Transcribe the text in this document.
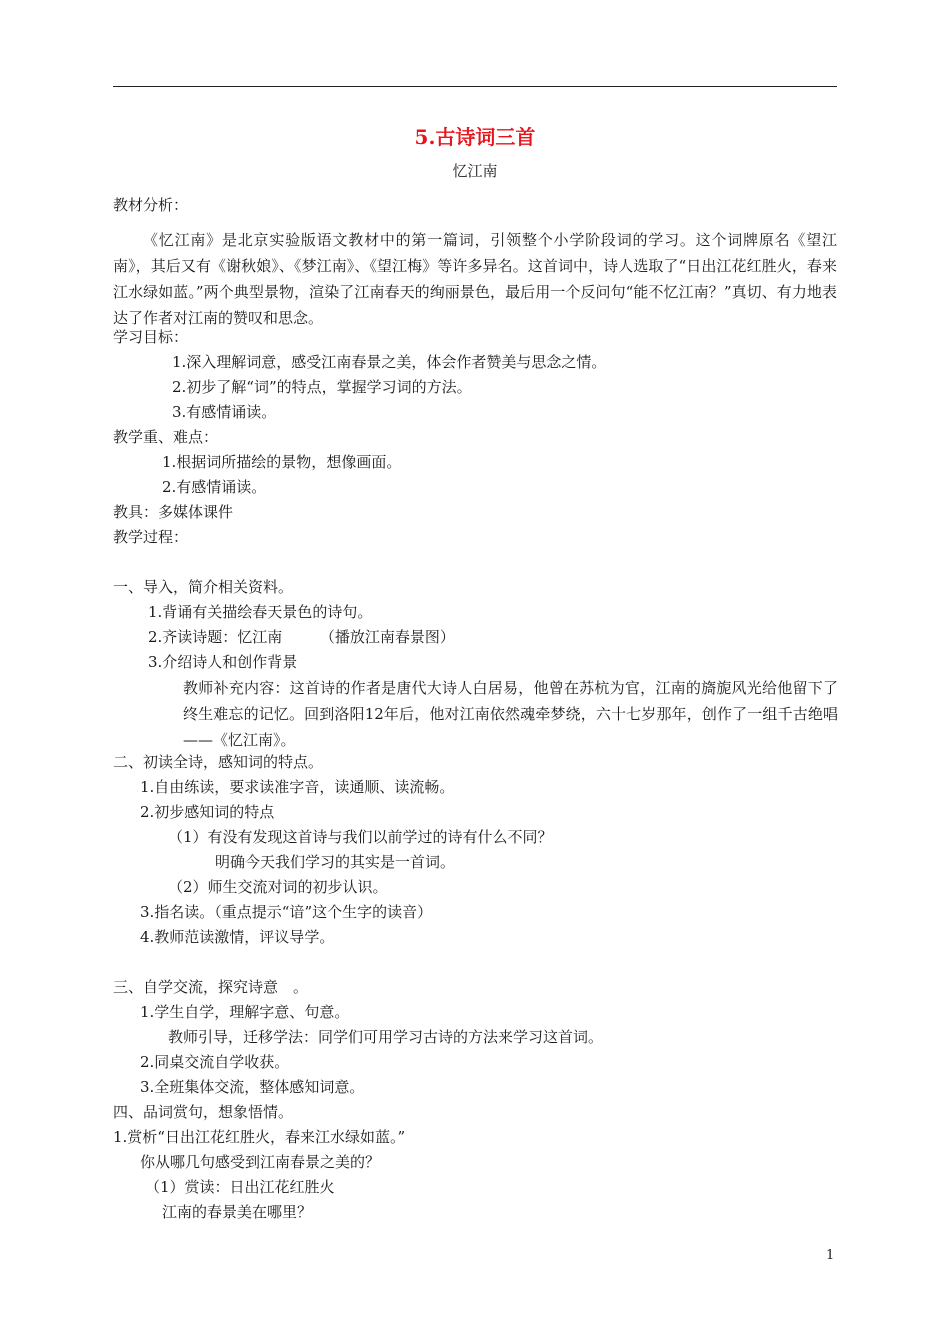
5.古诗词三首
忆江南
教材分析：
《忆江南》是北京实验版语文教材中的第一篇词，引领整个小学阶段词的学习。这个词牌原名《望江南》，其后又有《谢秋娘》、《梦江南》、《望江梅》等许多异名。这首词中，诗人选取了“日出江花红胜火，春来江水绿如蓝。”两个典型景物，渲染了江南春天的绚丽景色，最后用一个反问句“能不忆江南？”真切、有力地表达了作者对江南的赞叹和思念。
学习目标：
1.深入理解词意，感受江南春景之美，体会作者赞美与思念之情。
2.初步了解“词”的特点，掌握学习词的方法。
3.有感情诵读。
教学重、难点：
1.根据词所描绘的景物，想像画面。
2.有感情诵读。
教具：多媒体课件
教学过程：
一、导入，简介相关资料。
1.背诵有关描绘春天景色的诗句。
2.齐读诗题：忆江南　　　（播放江南春景图）
3.介绍诗人和创作背景
教师补充内容：这首诗的作者是唐代大诗人白居易，他曾在苏杭为官，江南的旖旎风光给他留下了终生难忘的记忆。回到洛阳12年后，他对江南依然魂牵梦绕，六十七岁那年，创作了一组千古绝唱——《忆江南》。
二、初读全诗，感知词的特点。
1.自由练读，要求读准字音，读通顺、读流畅。
2.初步感知词的特点
（1）有没有发现这首诗与我们以前学过的诗有什么不同？
明确今天我们学习的其实是一首词。
（2）师生交流对词的初步认识。
3.指名读。（重点提示“谙”这个生字的读音）
4.教师范读激情，评议导学。
三、自学交流，探究诗意　。
1.学生自学，理解字意、句意。
教师引导，迁移学法：同学们可用学习古诗的方法来学习这首词。
2.同桌交流自学收获。
3.全班集体交流，整体感知词意。
四、品词赏句，想象悟情。
1.赏析“日出江花红胜火，春来江水绿如蓝。”
你从哪几句感受到江南春景之美的？
（1）赏读：日出江花红胜火
江南的春景美在哪里？
1
